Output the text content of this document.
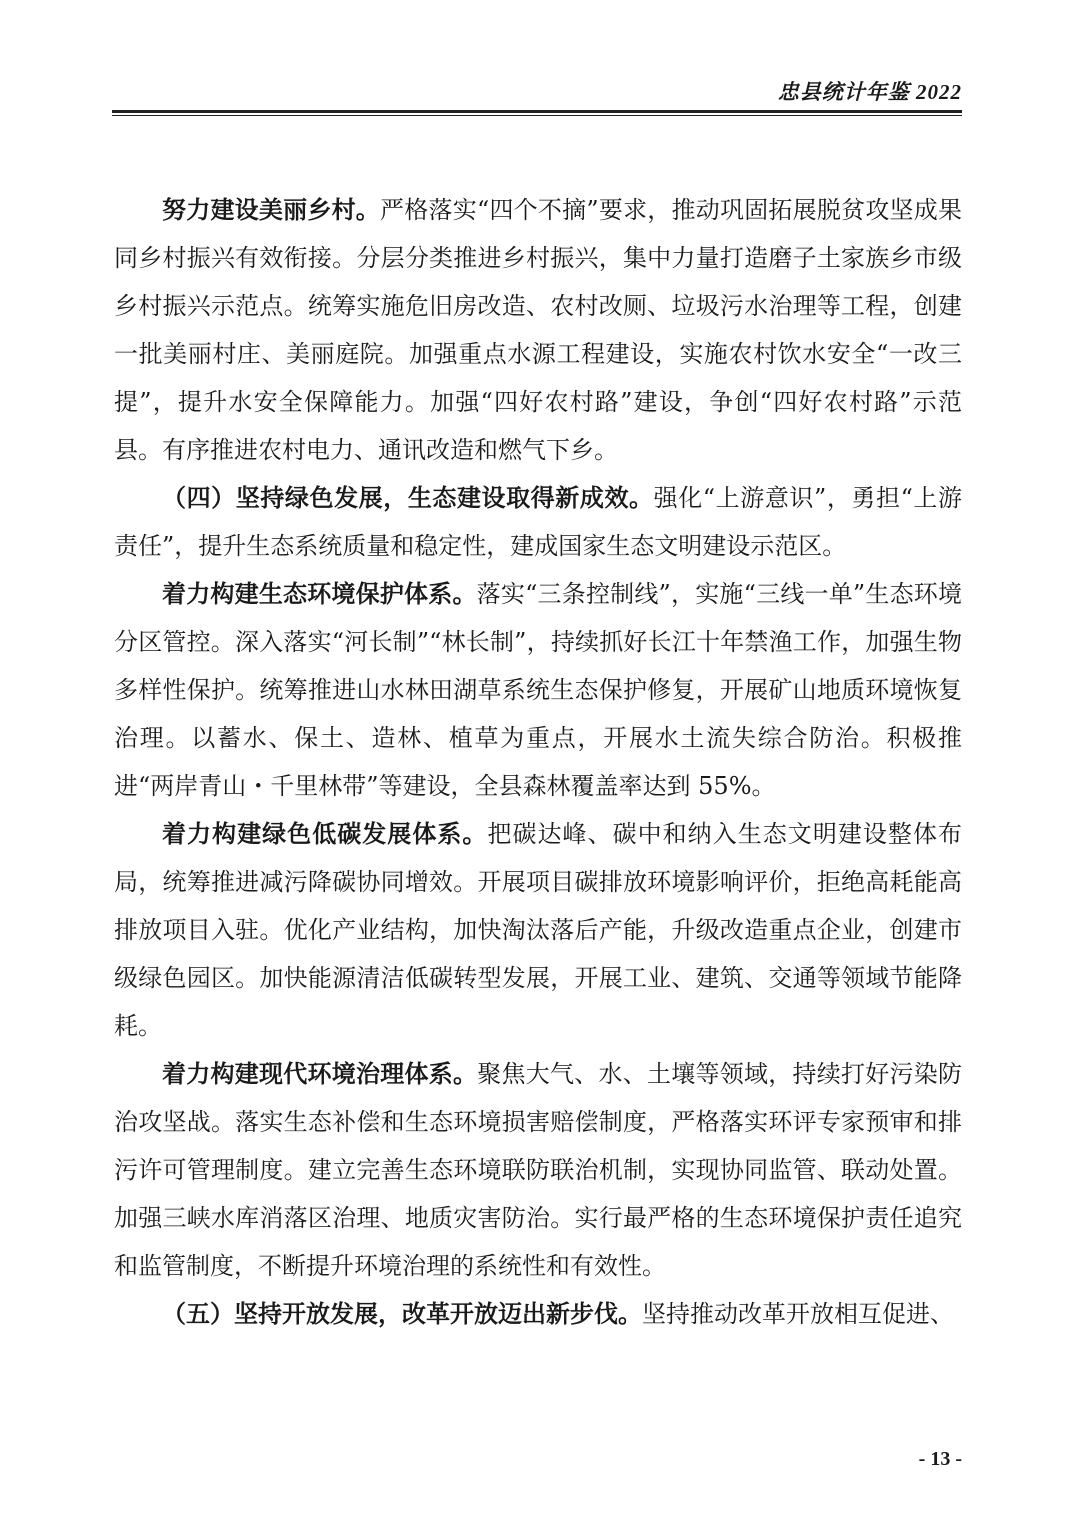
忠县统计年鉴 2022

努力建设美丽乡村。严格落实“四个不摘”要求，推动巩固拓展脱贫攻坚成果同乡村振兴有效衔接。分层分类推进乡村振兴，集中力量打造磨子土家族乡市级乡村振兴示范点。统筹实施危旧房改造、农村改厕、垃圾污水治理等工程，创建一批美丽村庄、美丽庭院。加强重点水源工程建设，实施农村饮水安全“一改三提”，提升水安全保障能力。加强“四好农村路”建设，争创“四好农村路”示范县。有序推进农村电力、通讯改造和燃气下乡。

（四）坚持绿色发展，生态建设取得新成效。强化“上游意识”，勇担“上游责任”，提升生态系统质量和稳定性，建成国家生态文明建设示范区。

着力构建生态环境保护体系。落实“三条控制线”，实施“三线一单”生态环境分区管控。深入落实“河长制”“林长制”，持续抓好长江十年禁渔工作，加强生物多样性保护。统筹推进山水林田湖草系统生态保护修复，开展矿山地质环境恢复治理。以蓄水、保土、造林、植草为重点，开展水土流失综合防治。积极推进“两岸青山・千里林带”等建设，全县森林覆盖率达到 55%。

着力构建绿色低碳发展体系。把碳达峰、碳中和纳入生态文明建设整体布局，统筹推进减污降碳协同增效。开展项目碳排放环境影响评价，拒绝高耗能高排放项目入驻。优化产业结构，加快淘汰落后产能，升级改造重点企业，创建市级绿色园区。加快能源清洁低碳转型发展，开展工业、建筑、交通等领域节能降耗。

着力构建现代环境治理体系。聚焦大气、水、土壤等领域，持续打好污染防治攻坚战。落实生态补偿和生态环境损害赔偿制度，严格落实环评专家预审和排污许可管理制度。建立完善生态环境联防联治机制，实现协同监管、联动处置。加强三峡水库消落区治理、地质灾害防治。实行最严格的生态环境保护责任追究和监管制度，不断提升环境治理的系统性和有效性。

（五）坚持开放发展，改革开放迈出新步伐。坚持推动改革开放相互促进、

- 13 -
